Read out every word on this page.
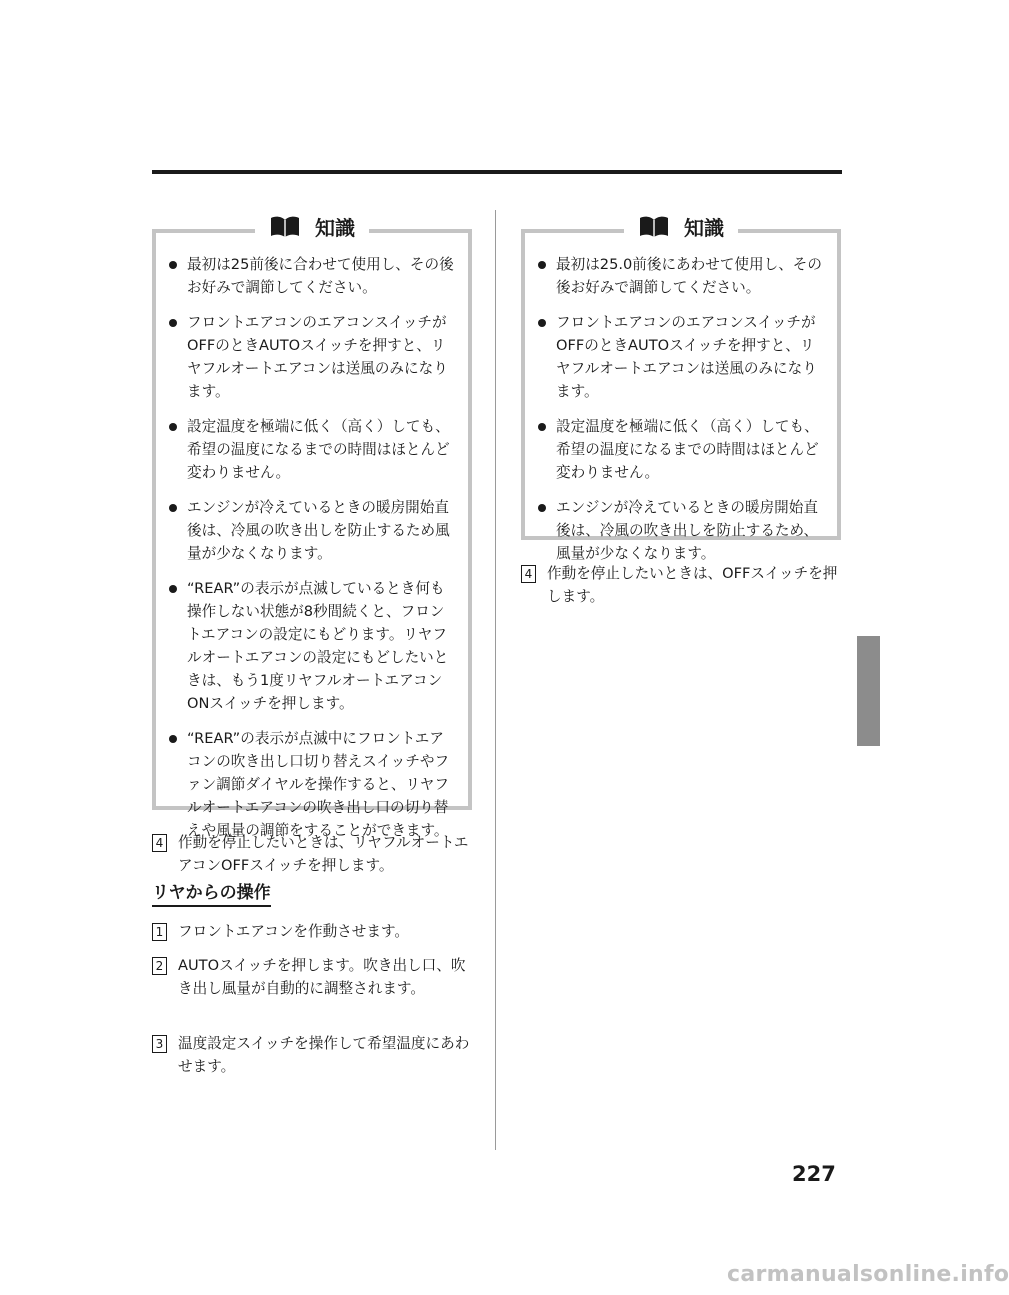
知識
最初は25前後に合わせて使用し、その後お好みで調節してください。
フロントエアコンのエアコンスイッチがOFFのときAUTOスイッチを押すと、リヤフルオートエアコンは送風のみになります。
設定温度を極端に低く（高く）しても、希望の温度になるまでの時間はほとんど変わりません。
エンジンが冷えているときの暖房開始直後は、冷風の吹き出しを防止するため風量が少なくなります。
“REAR”の表示が点滅しているとき何も操作しない状態が8秒間続くと、フロントエアコンの設定にもどります。リヤフルオートエアコンの設定にもどしたいときは、もう1度リヤフルオートエアコンONスイッチを押します。
“REAR”の表示が点滅中にフロントエアコンの吹き出し口切り替えスイッチやファン調節ダイヤルを操作すると、リヤフルオートエアコンの吹き出し口の切り替えや風量の調節をすることができます。
4	作動を停止したいときは、リヤフルオートエアコンOFFスイッチを押します。
リヤからの操作
1	フロントエアコンを作動させます。
2	AUTOスイッチを押します。吹き出し口、吹き出し風量が自動的に調整されます。
3	温度設定スイッチを操作して希望温度にあわせます。
知識
最初は25.0前後にあわせて使用し、その後お好みで調節してください。
フロントエアコンのエアコンスイッチがOFFのときAUTOスイッチを押すと、リヤフルオートエアコンは送風のみになります。
設定温度を極端に低く（高く）しても、希望の温度になるまでの時間はほとんど変わりません。
エンジンが冷えているときの暖房開始直後は、冷風の吹き出しを防止するため、風量が少なくなります。
4	作動を停止したいときは、OFFスイッチを押します。
227
carmanualsonline.info
